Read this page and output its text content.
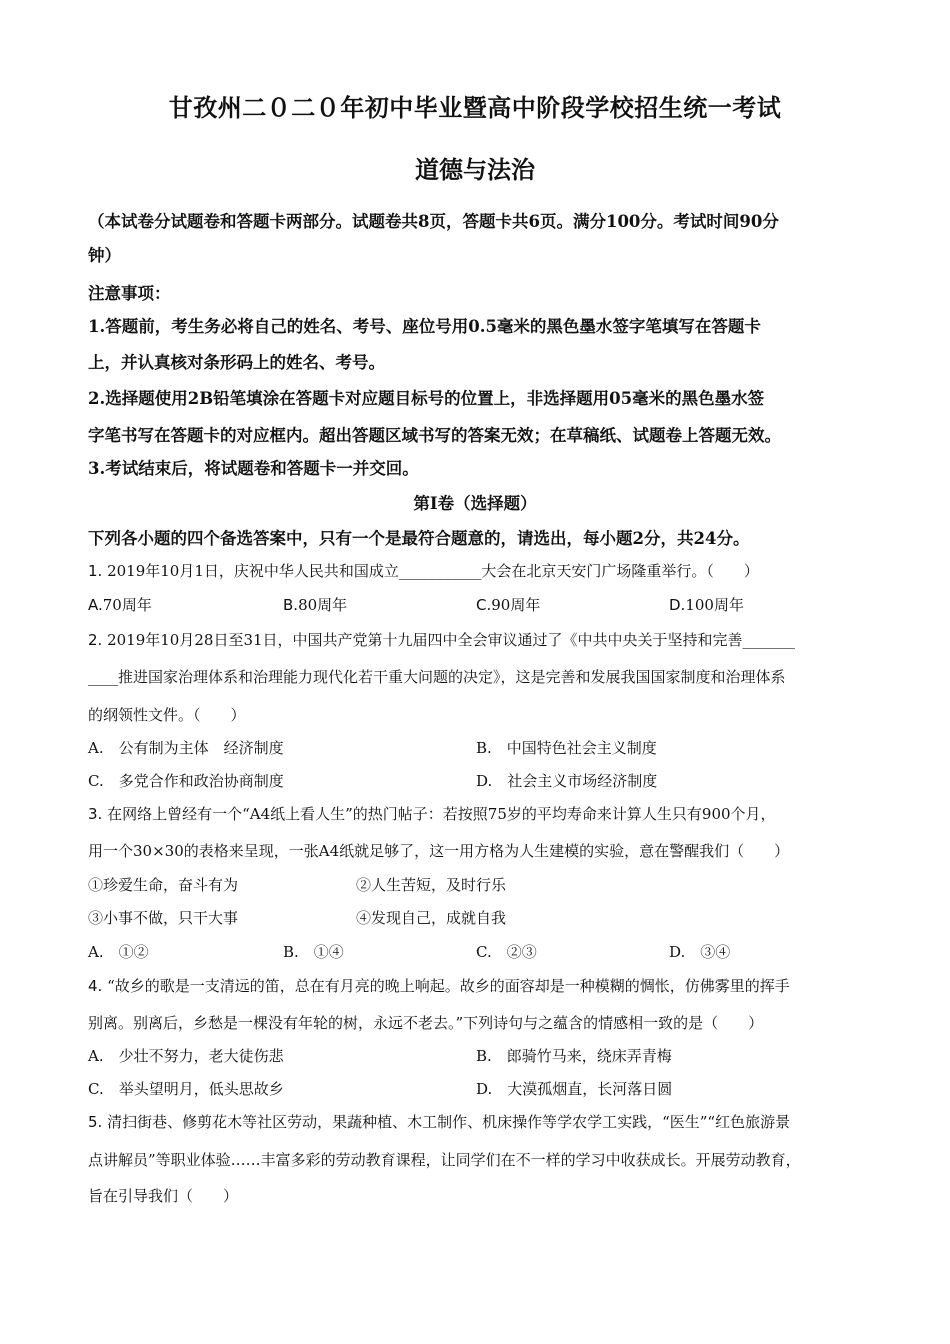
甘孜州二０二０年初中毕业暨高中阶段学校招生统一考试
道德与法治
（本试卷分试题卷和答题卡两部分。试题卷共8页，答题卡共6页。满分100分。考试时间90分
钟）
注意事项：
1.答题前，考生务必将自己的姓名、考号、座位号用0.5毫米的黑色墨水签字笔填写在答题卡
上，并认真核对条形码上的姓名、考号。
2.选择题使用2B铅笔填涂在答题卡对应题目标号的位置上，非选择题用05毫米的黑色墨水签
字笔书写在答题卡的对应框内。超出答题区域书写的答案无效；在草稿纸、试题卷上答题无效。
3.考试结束后，将试题卷和答题卡一并交回。
第I卷（选择题）
下列各小题的四个备选答案中，只有一个是最符合题意的，请选出，每小题2分，共24分。
1. 2019年10月1日，庆祝中华人民共和国成立___________大会在北京天安门广场隆重举行。（　　）
A.70周年	B.80周年	C.90周年	D.100周年
2. 2019年10月28日至31日，中国共产党第十九届四中全会审议通过了《中共中央关于坚持和完善_______
____推进国家治理体系和治理能力现代化若干重大问题的决定》，这是完善和发展我国国家制度和治理体系
的纲领性文件。（　　）
A.　公有制为主体　经济制度	B.　中国特色社会主义制度
C.　多党合作和政治协商制度	D.　社会主义市场经济制度
3. 在网络上曾经有一个“A4纸上看人生”的热门帖子：若按照75岁的平均寿命来计算人生只有900个月，
用一个30×30的表格来呈现，一张A4纸就足够了，这一用方格为人生建模的实验，意在警醒我们（　　）
①珍爱生命，奋斗有为	②人生苦短，及时行乐
③小事不做，只干大事	④发现自己，成就自我
A.　①②	B.　①④	C.　②③	D.　③④
4. “故乡的歌是一支清远的笛，总在有月亮的晚上响起。故乡的面容却是一种模糊的惆怅，仿佛雾里的挥手
别离。别离后，乡愁是一棵没有年轮的树，永远不老去。”下列诗句与之蕴含的情感相一致的是（　　）
A.　少壮不努力，老大徒伤悲	B.　郎骑竹马来，绕床弄青梅
C.　举头望明月，低头思故乡	D.　大漠孤烟直，长河落日圆
5. 清扫街巷、修剪花木等社区劳动，果蔬种植、木工制作、机床操作等学农学工实践，“医生”“红色旅游景
点讲解员”等职业体验……丰富多彩的劳动教育课程，让同学们在不一样的学习中收获成长。开展劳动教育，
旨在引导我们（　　）
